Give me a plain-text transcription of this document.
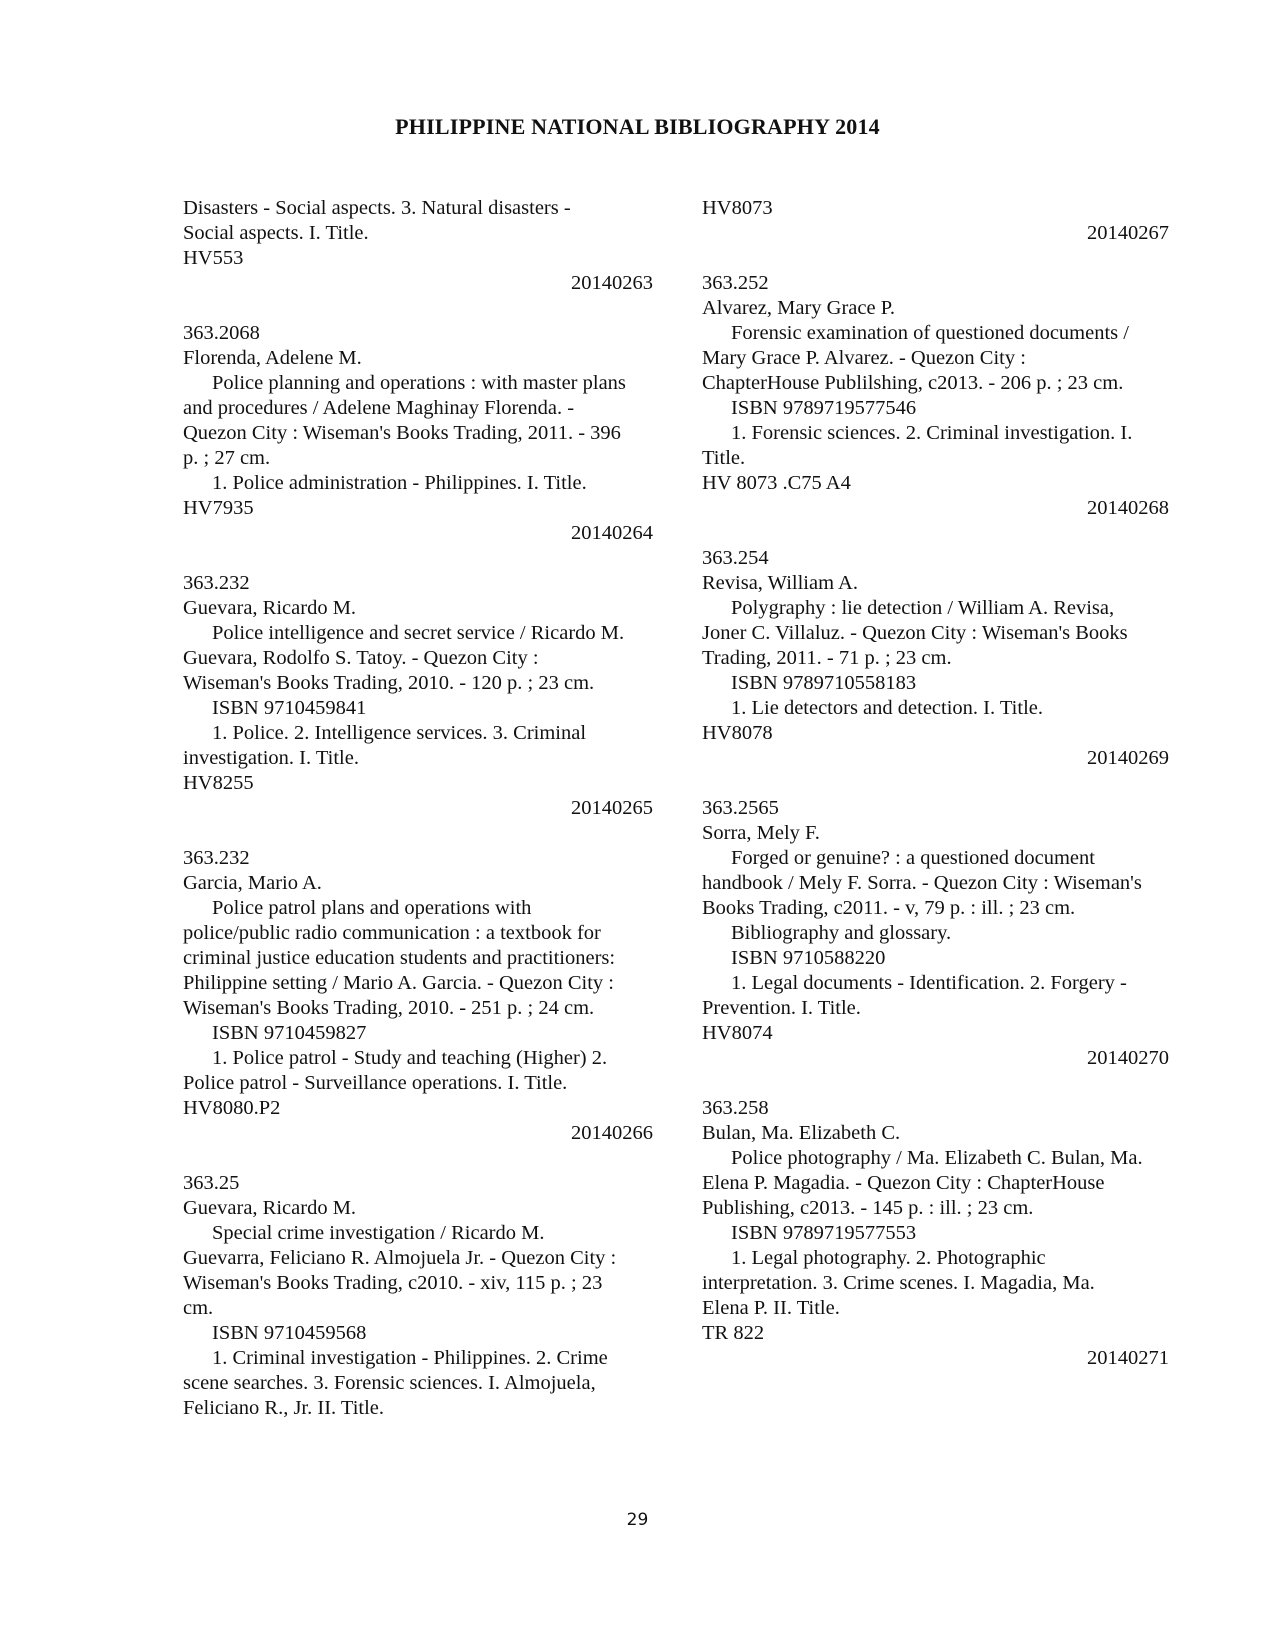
PHILIPPINE NATIONAL BIBLIOGRAPHY 2014
Disasters - Social aspects. 3. Natural disasters -
Social aspects. I. Title.
HV553
20140263
363.2068
Florenda, Adelene M.
Police planning and operations : with master plans
and procedures / Adelene Maghinay Florenda. -
Quezon City : Wiseman's Books Trading, 2011. - 396
p. ; 27 cm.
1. Police administration - Philippines. I. Title.
HV7935
20140264
363.232
Guevara, Ricardo M.
Police intelligence and secret service / Ricardo M.
Guevara, Rodolfo S. Tatoy. - Quezon City :
Wiseman's Books Trading, 2010. - 120 p. ; 23 cm.
ISBN 9710459841
1. Police. 2. Intelligence services. 3. Criminal
investigation. I. Title.
HV8255
20140265
363.232
Garcia, Mario A.
Police patrol plans and operations with
police/public radio communication : a textbook for
criminal justice education students and practitioners:
Philippine setting / Mario A. Garcia. - Quezon City :
Wiseman's Books Trading, 2010. - 251 p. ; 24 cm.
ISBN 9710459827
1. Police patrol - Study and teaching (Higher) 2.
Police patrol - Surveillance operations. I. Title.
HV8080.P2
20140266
363.25
Guevara, Ricardo M.
Special crime investigation / Ricardo M.
Guevarra, Feliciano R. Almojuela Jr. - Quezon City :
Wiseman's Books Trading, c2010. - xiv, 115 p. ; 23
cm.
ISBN 9710459568
1. Criminal investigation - Philippines. 2. Crime
scene searches. 3. Forensic sciences. I. Almojuela,
Feliciano R., Jr. II. Title.
HV8073
20140267
363.252
Alvarez, Mary Grace P.
Forensic examination of questioned documents /
Mary Grace P. Alvarez. - Quezon City :
ChapterHouse Publilshing, c2013. - 206 p. ; 23 cm.
ISBN 9789719577546
1. Forensic sciences. 2. Criminal investigation. I.
Title.
HV 8073 .C75 A4
20140268
363.254
Revisa, William A.
Polygraphy : lie detection / William A. Revisa,
Joner C. Villaluz. - Quezon City : Wiseman's Books
Trading, 2011. - 71 p. ; 23 cm.
ISBN 9789710558183
1. Lie detectors and detection. I. Title.
HV8078
20140269
363.2565
Sorra, Mely F.
Forged or genuine? : a questioned document
handbook / Mely F. Sorra. - Quezon City : Wiseman's
Books Trading, c2011. - v, 79 p. : ill. ; 23 cm.
Bibliography and glossary.
ISBN 9710588220
1. Legal documents - Identification. 2. Forgery -
Prevention. I. Title.
HV8074
20140270
363.258
Bulan, Ma. Elizabeth C.
Police photography / Ma. Elizabeth C. Bulan, Ma.
Elena P. Magadia. - Quezon City : ChapterHouse
Publishing, c2013. - 145 p. : ill. ; 23 cm.
ISBN 9789719577553
1. Legal photography. 2. Photographic
interpretation. 3. Crime scenes. I. Magadia, Ma.
Elena P. II. Title.
TR 822
20140271
29
